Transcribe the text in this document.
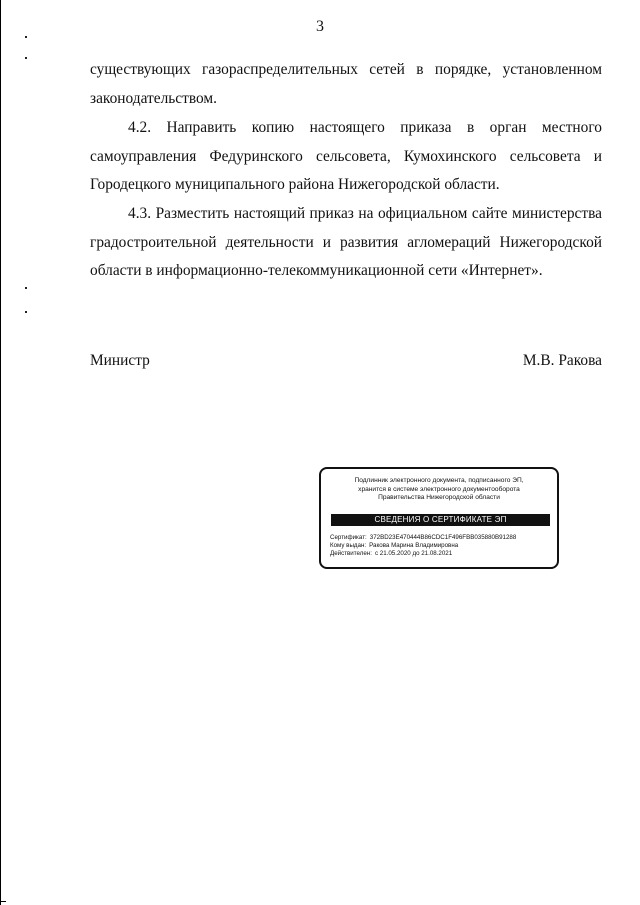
3

существующих газораспределительных сетей в порядке, установленном законодательством.

4.2. Направить копию настоящего приказа в орган местного самоуправления Федуринского сельсовета, Кумохинского сельсовета и Городецкого муниципального района Нижегородской области.

4.3. Разместить настоящий приказ на официальном сайте министерства градостроительной деятельности и развития агломераций Нижегородской области в информационно-телекоммуникационной сети «Интернет».

Министр	М.В. Ракова
Подлинник электронного документа, подписанного ЭП,
хранится в системе электронного документооборота
Правительства Нижегородской области
СВЕДЕНИЯ О СЕРТИФИКАТЕ ЭП
Сертификат: 372BD23E470444B86CDC1F496FBB035880B91288
Кому выдан: Ракова Марина Владимировна
Действителен: с 21.05.2020 до 21.08.2021
